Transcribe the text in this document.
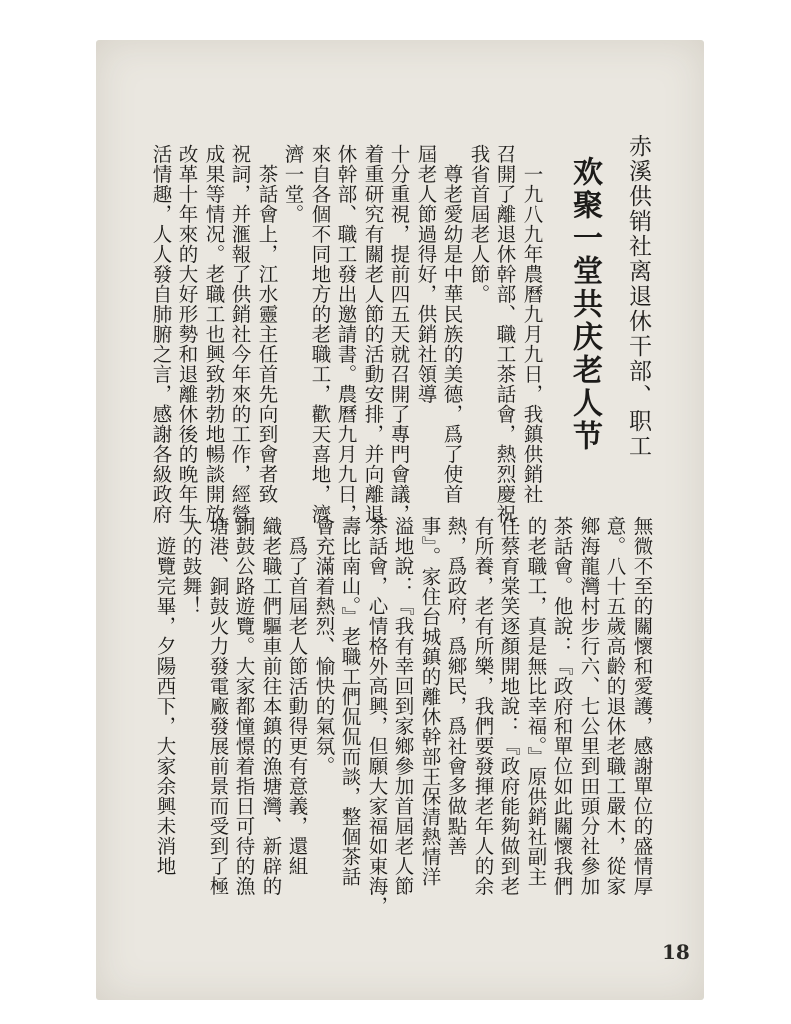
赤溪供销社离退休干部、职工
欢聚一堂共庆老人节
　一九八九年農曆九月九日，我鎮供銷社
召開了離退休幹部、職工茶話會，熱烈慶祝
我省首屆老人節。
　尊老愛幼是中華民族的美德，爲了使首
屆老人節過得好，供銷社領導
十分重視，提前四五天就召開了專門會議，
着重研究有關老人節的活動安排，并向離退
休幹部、職工發出邀請書。農曆九月九日，
來自各個不同地方的老職工，歡天喜地，濟
濟一堂。
　茶話會上，江水靈主任首先向到會者致
祝詞，并滙報了供銷社今年來的工作，經營
成果等情况。老職工也興致勃勃地暢談開放
改革十年來的大好形勢和退離休後的晚年生
活情趣，人人發自肺腑之言，感謝各級政府
無微不至的關懷和愛護，感謝單位的盛情厚
意。八十五歲高齡的退休老職工嚴木，從家
鄉海龍灣村步行六、七公里到田頭分社參加
茶話會。他說：『政府和單位如此關懷我們
的老職工，真是無比幸福。』原供銷社副主
任蔡育棠笑逐顏開地說：『政府能夠做到老
有所養，老有所樂，我們要發揮老年人的余
熱，爲政府，爲鄉民，爲社會多做點善
事』。家住台城鎮的離休幹部王保清熱情洋
溢地說：『我有幸回到家鄉參加首屆老人節
茶話會，心情格外高興，但願大家福如東海，
壽比南山。』老職工們侃侃而談，整個茶話
會充滿着熱烈、愉快的氣氛。
　爲了首屆老人節活動得更有意義，還組
織老職工們驅車前往本鎮的漁塘灣、新辟的
銅鼓公路遊覽。大家都憧憬着指日可待的漁
塘港、銅鼓火力發電廠發展前景而受到了極
大的鼓舞！
　遊覽完畢，夕陽西下，大家余興未消地
18
